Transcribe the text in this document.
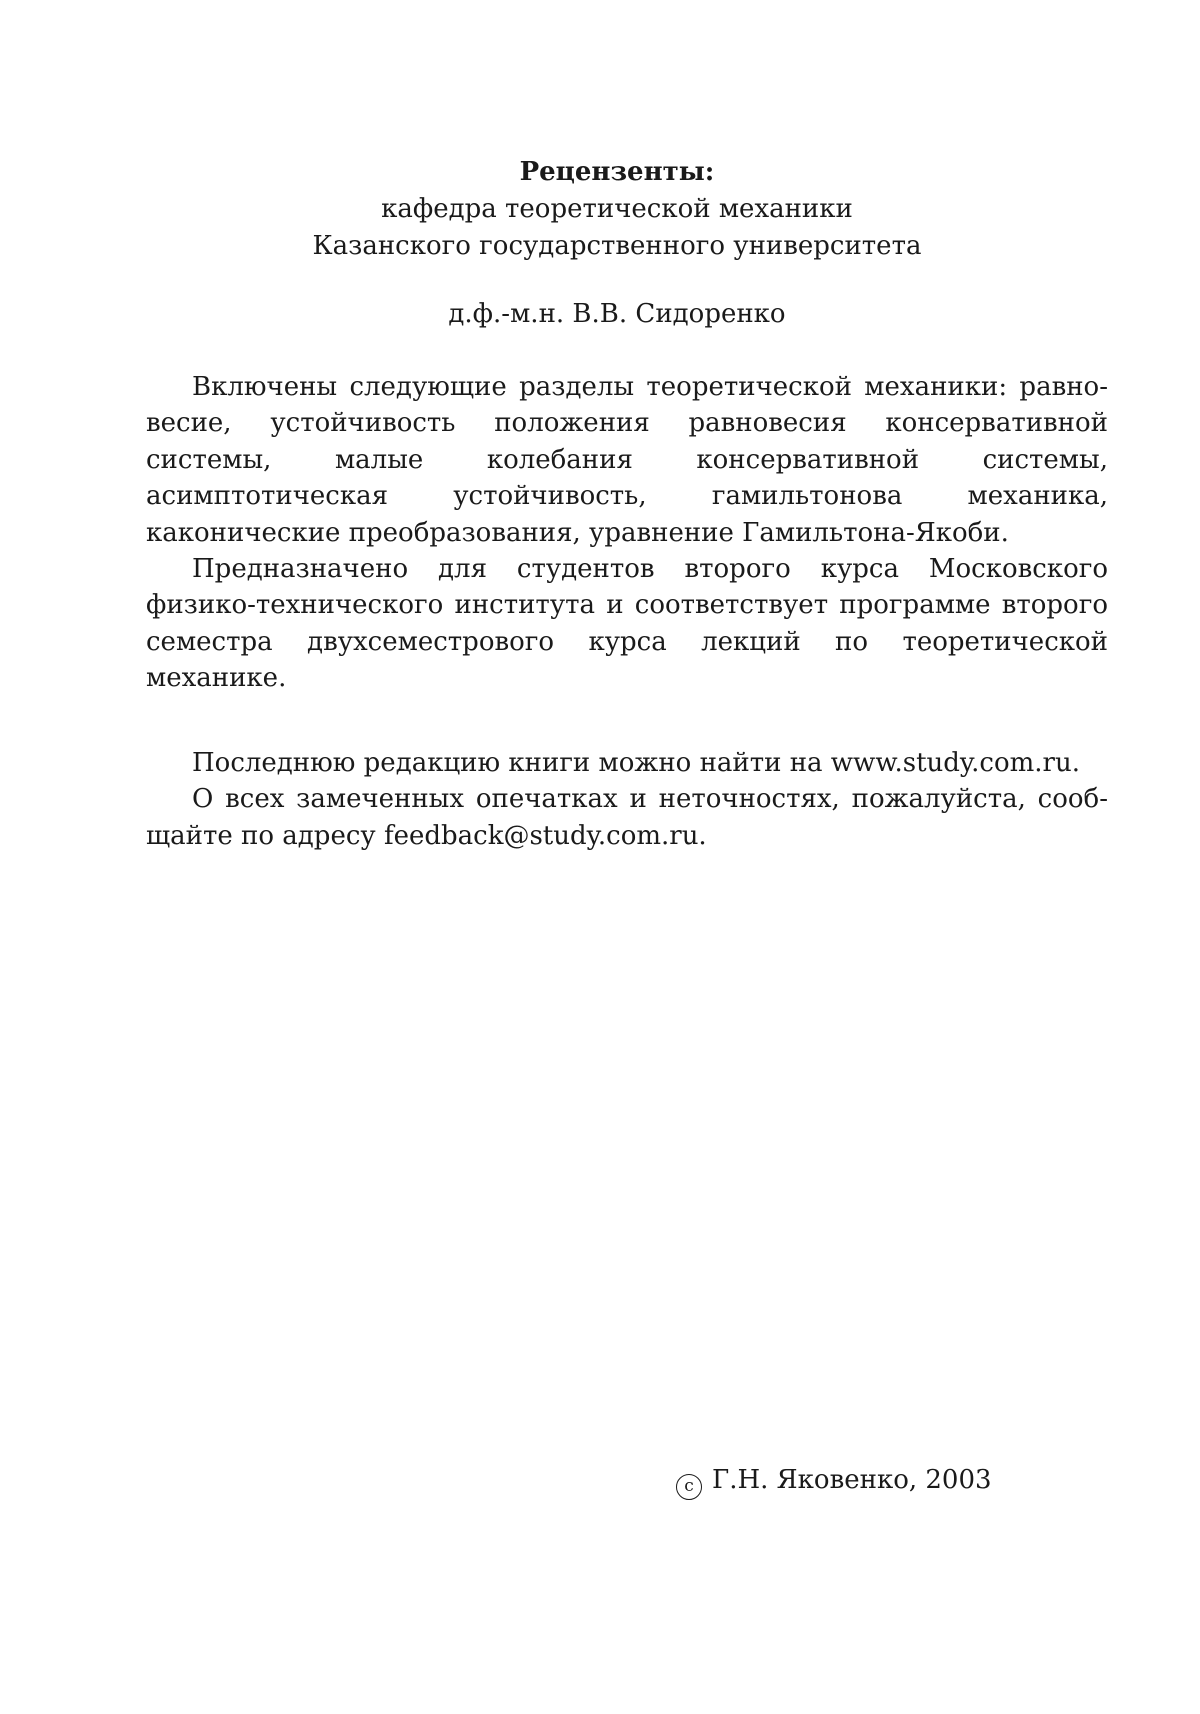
Рецензенты:
кафедра теоретической механики
Казанского государственного университета
д.ф.-м.н. В.В. Сидоренко

Включены следующие разделы теоретической механики: равновесие, устойчивость положения равновесия консервативной системы, малые колебания консервативной системы, асимптотическая устойчивость, гамильтонова механика, каконические преобразования, уравнение Гамильтона-Якоби.

Предназначено для студентов второго курса Московского физико-технического института и соответствует программе второго семестра двухсеместрового курса лекций по теоретической механике.

Последнюю редакцию книги можно найти на www.study.com.ru.

О всех замеченных опечатках и неточностях, пожалуйста, сообщайте по адресу feedback@study.com.ru.

c Г.Н. Яковенко, 2003
